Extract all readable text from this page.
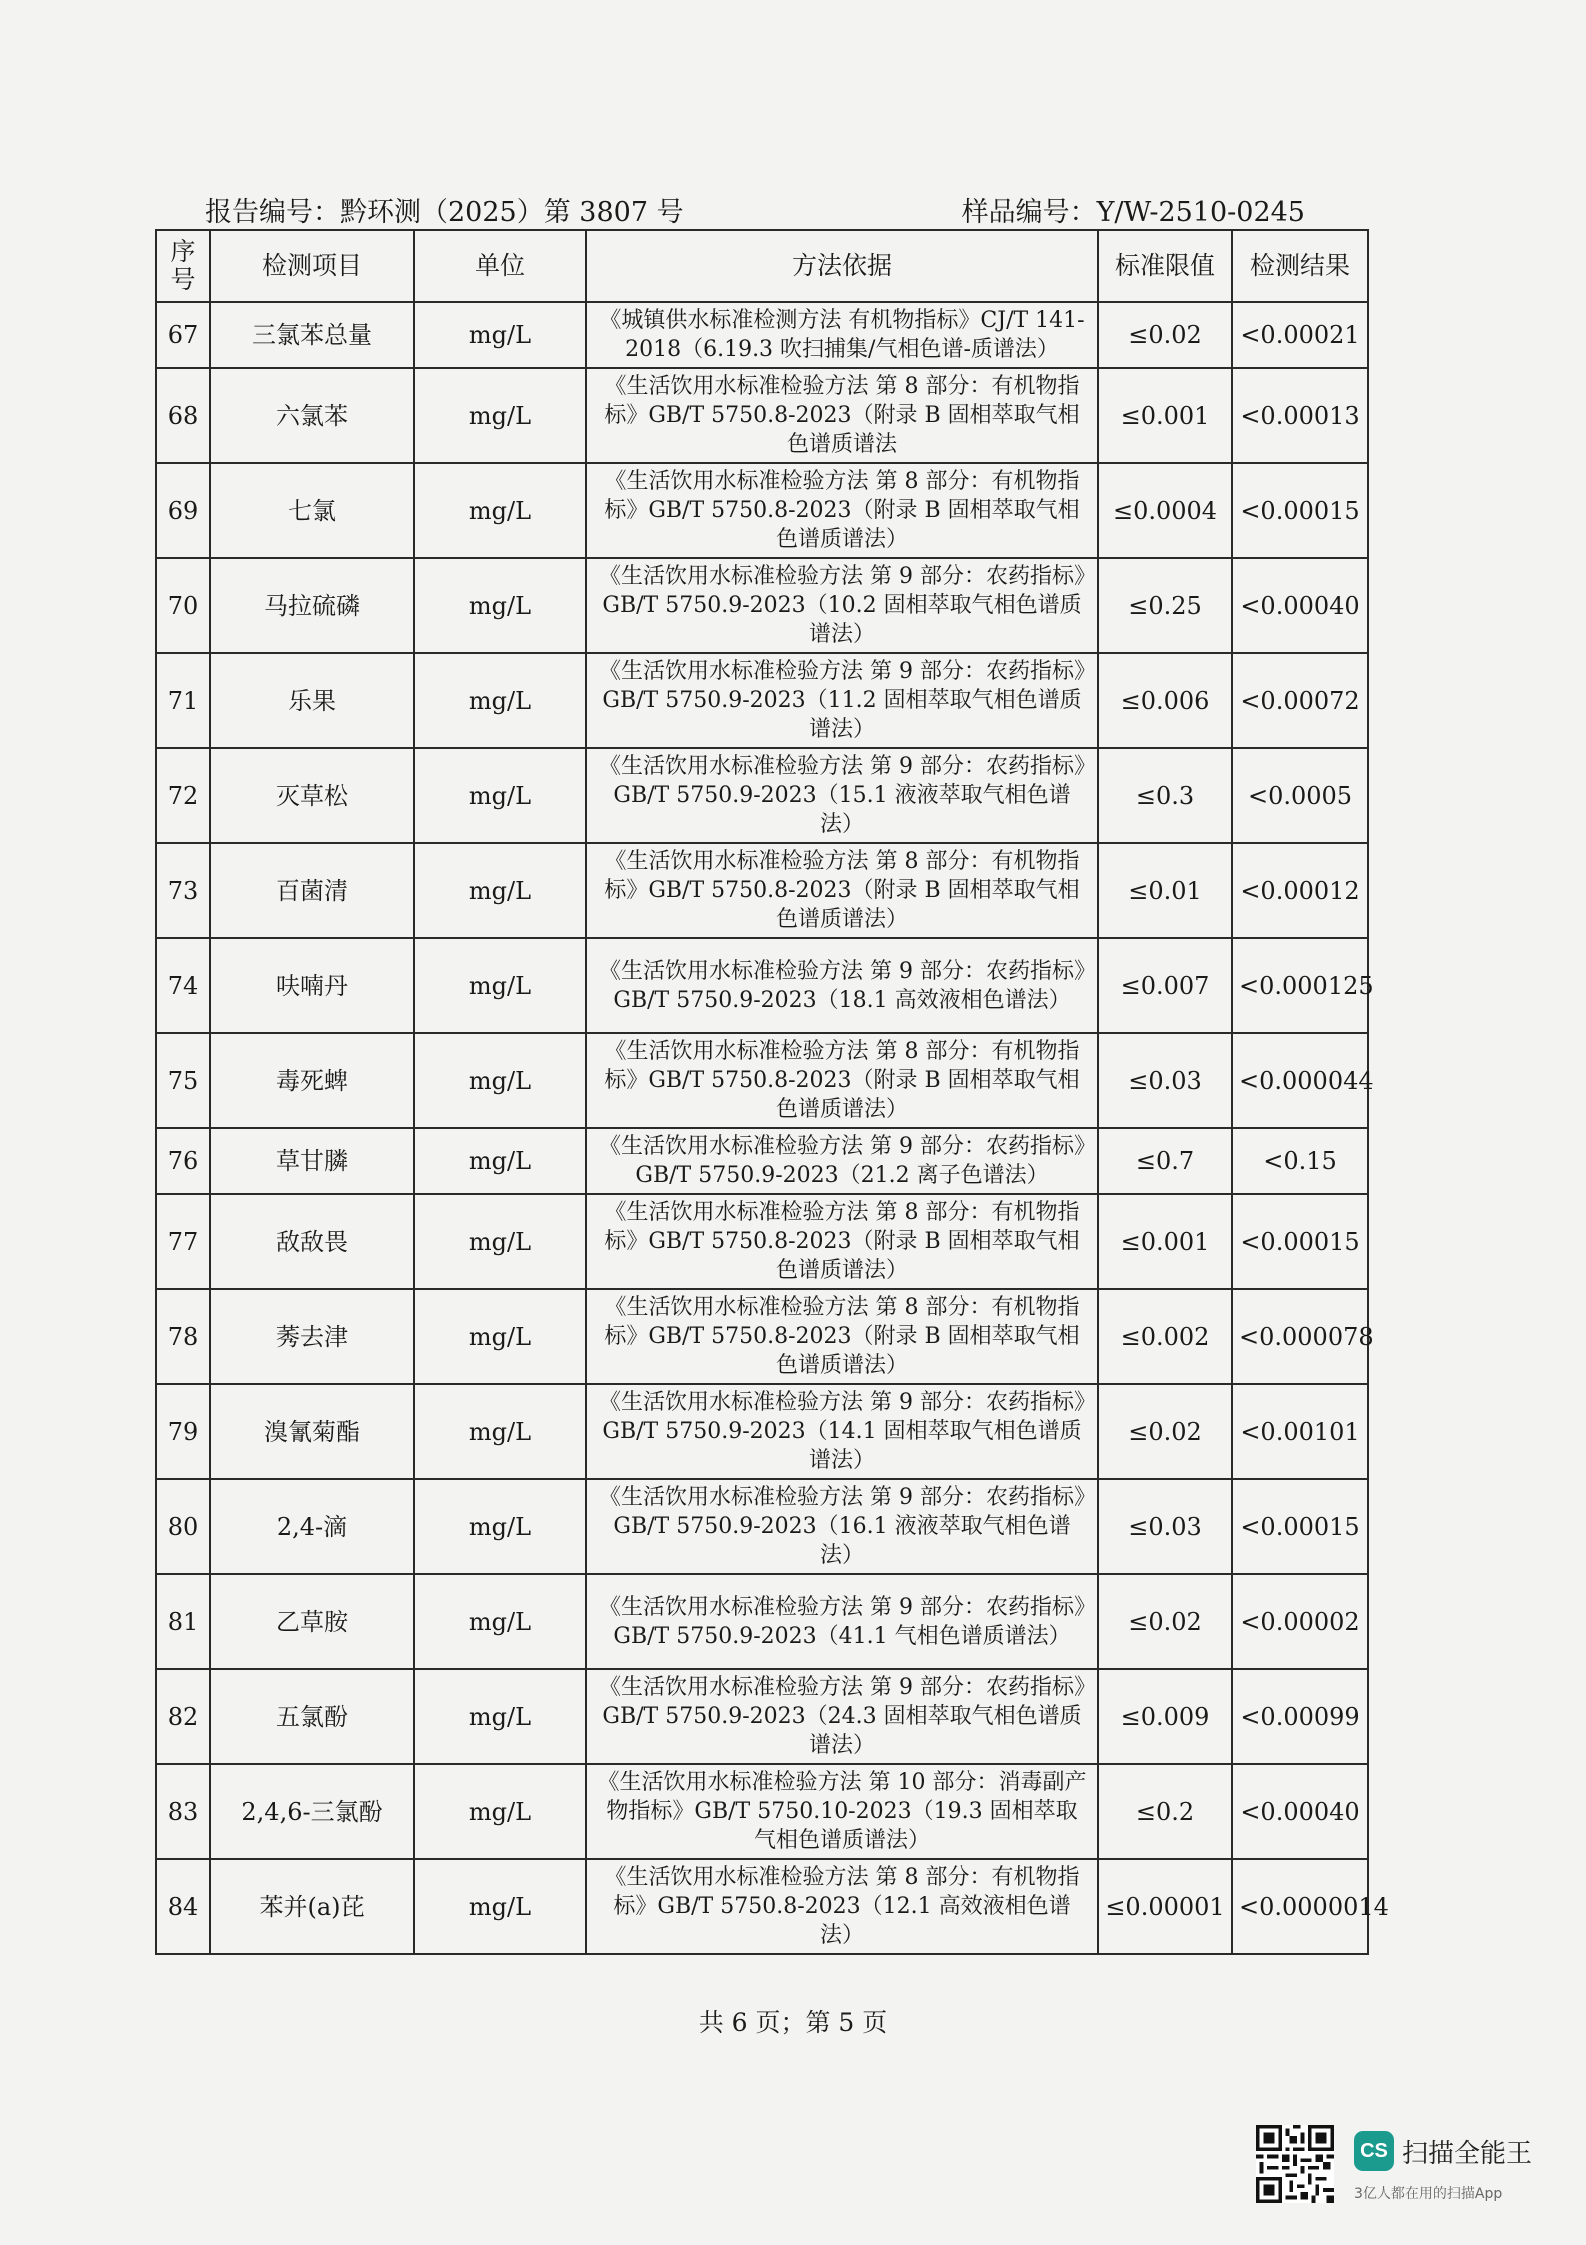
报告编号：黔环测（2025）第 3807 号	样品编号：Y/W-2510-0245
序号	检测项目	单位	方法依据	标准限值	检测结果
67	三氯苯总量	mg/L	《城镇供水标准检测方法 有机物指标》CJ/T 141-2018（6.19.3 吹扫捕集/气相色谱-质谱法）	≤0.02	<0.00021
68	六氯苯	mg/L	《生活饮用水标准检验方法 第 8 部分：有机物指标》GB/T 5750.8-2023（附录 B 固相萃取气相色谱质谱法	≤0.001	<0.00013
69	七氯	mg/L	《生活饮用水标准检验方法 第 8 部分：有机物指标》GB/T 5750.8-2023（附录 B 固相萃取气相色谱质谱法）	≤0.0004	<0.00015
70	马拉硫磷	mg/L	《生活饮用水标准检验方法 第 9 部分：农药指标》GB/T 5750.9-2023（10.2 固相萃取气相色谱质谱法）	≤0.25	<0.00040
71	乐果	mg/L	《生活饮用水标准检验方法 第 9 部分：农药指标》GB/T 5750.9-2023（11.2 固相萃取气相色谱质谱法）	≤0.006	<0.00072
72	灭草松	mg/L	《生活饮用水标准检验方法 第 9 部分：农药指标》GB/T 5750.9-2023（15.1 液液萃取气相色谱法）	≤0.3	<0.0005
73	百菌清	mg/L	《生活饮用水标准检验方法 第 8 部分：有机物指标》GB/T 5750.8-2023（附录 B 固相萃取气相色谱质谱法）	≤0.01	<0.00012
74	呋喃丹	mg/L	《生活饮用水标准检验方法 第 9 部分：农药指标》GB/T 5750.9-2023（18.1 高效液相色谱法）	≤0.007	<0.000125
75	毒死蜱	mg/L	《生活饮用水标准检验方法 第 8 部分：有机物指标》GB/T 5750.8-2023（附录 B 固相萃取气相色谱质谱法）	≤0.03	<0.000044
76	草甘膦	mg/L	《生活饮用水标准检验方法 第 9 部分：农药指标》GB/T 5750.9-2023（21.2 离子色谱法）	≤0.7	<0.15
77	敌敌畏	mg/L	《生活饮用水标准检验方法 第 8 部分：有机物指标》GB/T 5750.8-2023（附录 B 固相萃取气相色谱质谱法）	≤0.001	<0.00015
78	莠去津	mg/L	《生活饮用水标准检验方法 第 8 部分：有机物指标》GB/T 5750.8-2023（附录 B 固相萃取气相色谱质谱法）	≤0.002	<0.000078
79	溴氰菊酯	mg/L	《生活饮用水标准检验方法 第 9 部分：农药指标》GB/T 5750.9-2023（14.1 固相萃取气相色谱质谱法）	≤0.02	<0.00101
80	2,4-滴	mg/L	《生活饮用水标准检验方法 第 9 部分：农药指标》GB/T 5750.9-2023（16.1 液液萃取气相色谱法）	≤0.03	<0.00015
81	乙草胺	mg/L	《生活饮用水标准检验方法 第 9 部分：农药指标》GB/T 5750.9-2023（41.1 气相色谱质谱法）	≤0.02	<0.00002
82	五氯酚	mg/L	《生活饮用水标准检验方法 第 9 部分：农药指标》GB/T 5750.9-2023（24.3 固相萃取气相色谱质谱法）	≤0.009	<0.00099
83	2,4,6-三氯酚	mg/L	《生活饮用水标准检验方法 第 10 部分：消毒副产物指标》GB/T 5750.10-2023（19.3 固相萃取气相色谱质谱法）	≤0.2	<0.00040
84	苯并(a)芘	mg/L	《生活饮用水标准检验方法 第 8 部分：有机物指标》GB/T 5750.8-2023（12.1 高效液相色谱法）	≤0.00001	<0.0000014
共 6 页；第 5 页
CS 扫描全能王
3亿人都在用的扫描App
